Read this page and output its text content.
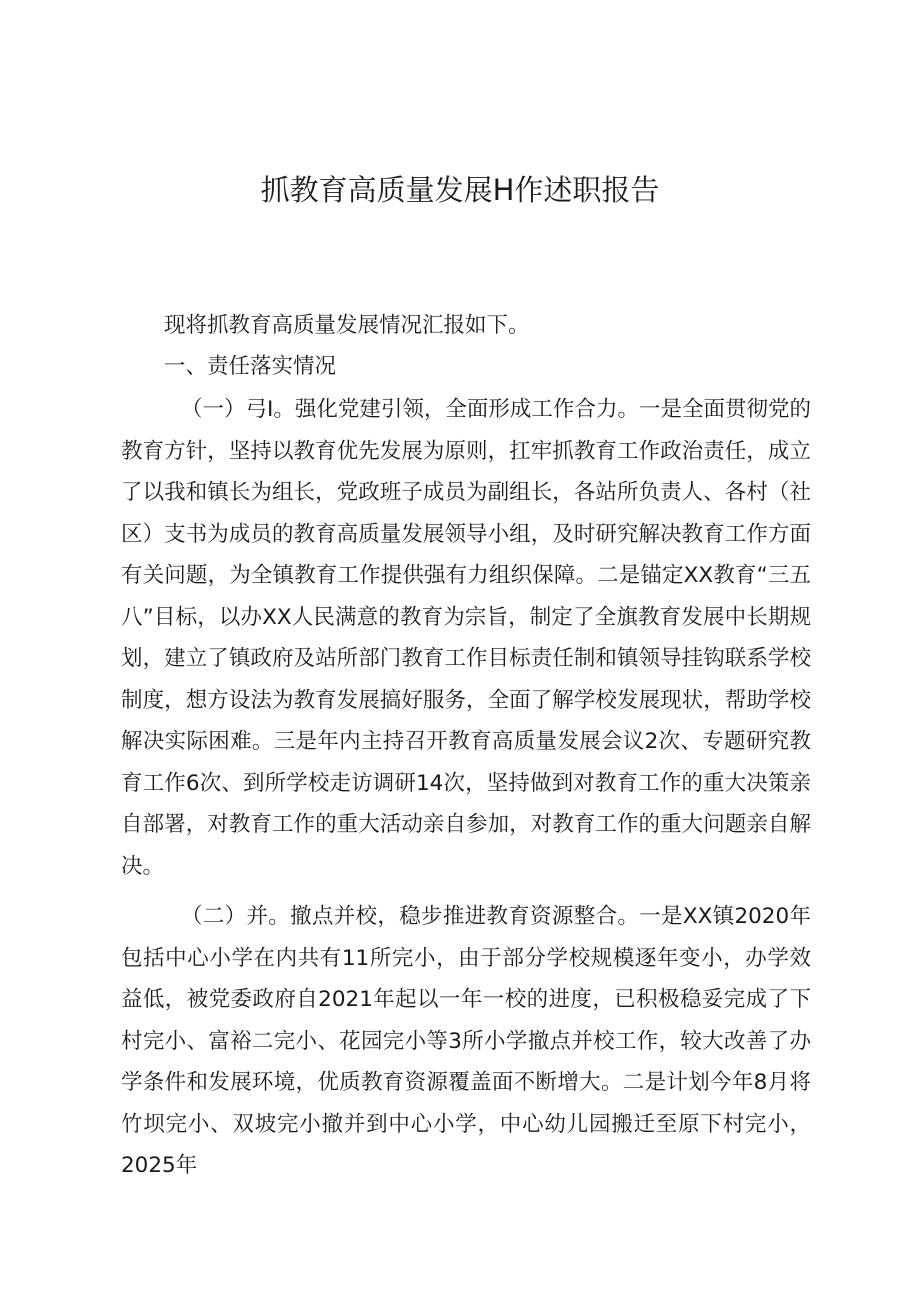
抓教育高质量发展H作述职报告

现将抓教育高质量发展情况汇报如下。

一、责任落实情况

（一）弓I。强化党建引领，全面形成工作合力。一是全面贯彻党的教育方针，坚持以教育优先发展为原则，扛牢抓教育工作政治责任，成立了以我和镇长为组长，党政班子成员为副组长，各站所负责人、各村（社区）支书为成员的教育高质量发展领导小组，及时研究解决教育工作方面有关问题，为全镇教育工作提供强有力组织保障。二是锚定XX教育“三五八”目标，以办XX人民满意的教育为宗旨，制定了全旗教育发展中长期规划，建立了镇政府及站所部门教育工作目标责任制和镇领导挂钩联系学校制度，想方设法为教育发展搞好服务，全面了解学校发展现状，帮助学校解决实际困难。三是年内主持召开教育高质量发展会议2次、专题研究教育工作6次、到所学校走访调研14次，坚持做到对教育工作的重大决策亲自部署，对教育工作的重大活动亲自参加，对教育工作的重大问题亲自解决。

（二）并。撤点并校，稳步推进教育资源整合。一是XX镇2020年包括中心小学在内共有11所完小，由于部分学校规模逐年变小，办学效益低，被党委政府自2021年起以一年一校的进度，已积极稳妥完成了下村完小、富裕二完小、花园完小等3所小学撤点并校工作，较大改善了办学条件和发展环境，优质教育资源覆盖面不断增大。二是计划今年8月将竹坝完小、双坡完小撤并到中心小学，中心幼儿园搬迁至原下村完小，2025年
